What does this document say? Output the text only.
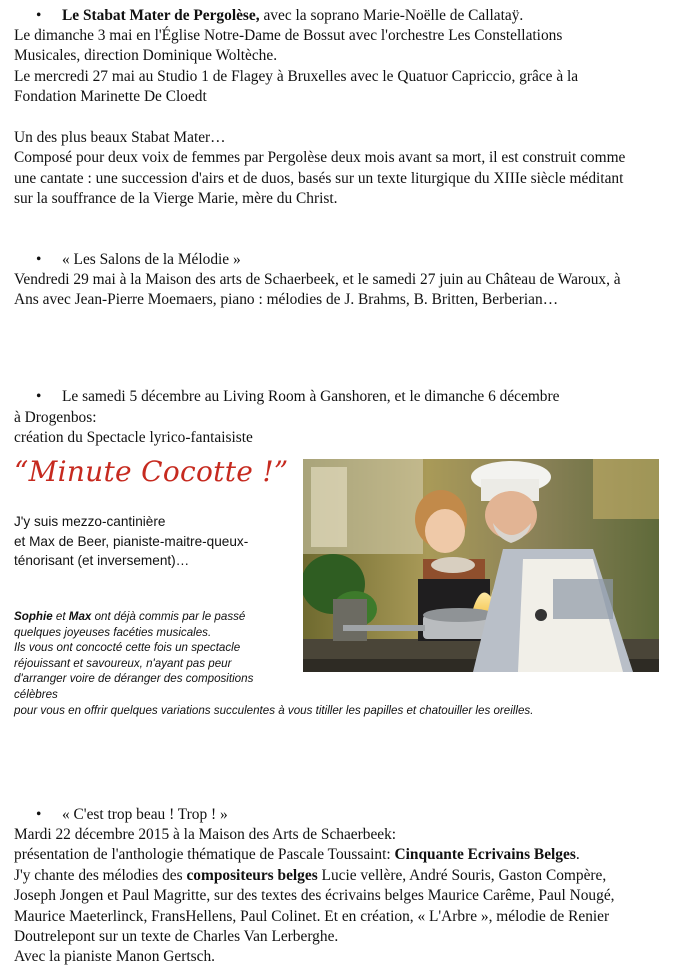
• Le Stabat Mater de Pergolèse, avec la soprano Marie-Noëlle de Callataÿ.
Le dimanche 3 mai en l'Église Notre-Dame de Bossut avec l'orchestre Les Constellations
Musicales, direction Dominique Woltèche.
Le mercredi 27 mai au Studio 1 de Flagey à Bruxelles avec le Quatuor Capriccio, grâce à la
Fondation Marinette De Cloedt
Un des plus beaux Stabat Mater…
Composé pour deux voix de femmes par Pergolèse deux mois avant sa mort, il est construit comme
une cantate : une succession d'airs et de duos, basés sur un texte liturgique du XIIIe siècle méditant
sur la souffrance de la Vierge Marie, mère du Christ.
• « Les Salons de la Mélodie »
Vendredi 29 mai à la Maison des arts de Schaerbeek, et le samedi 27 juin au Château de Waroux, à
Ans avec Jean-Pierre Moemaers, piano : mélodies de J. Brahms, B. Britten, Berberian…
• Le samedi 5 décembre au Living Room à Ganshoren, et le dimanche 6 décembre
à Drogenbos:
création du Spectacle lyrico-fantaisiste
“Minute Cocotte !”
J'y suis mezzo-cantinière
et Max de Beer, pianiste-maitre-queux-
ténorisant (et inversement)…
Sophie et Max ont déjà commis par le passé
quelques joyeuses facéties musicales.
Ils vous ont concocté cette fois un spectacle
réjouissant et savoureux, n'ayant pas peur
d'arranger voire de déranger des compositions
célèbres
pour vous en offrir quelques variations succulentes à vous titiller les papilles et chatouiller les oreilles.
• « C'est trop beau ! Trop ! »
Mardi 22 décembre 2015 à la Maison des Arts de Schaerbeek:
présentation de l'anthologie thématique de Pascale Toussaint: Cinquante Ecrivains Belges.
J'y chante des mélodies des compositeurs belges Lucie vellère, André Souris, Gaston Compère,
Joseph Jongen et Paul Magritte, sur des textes des écrivains belges Maurice Carême, Paul Nougé,
Maurice Maeterlinck, FransHellens, Paul Colinet. Et en création, « L'Arbre », mélodie de Renier
Doutrelepont sur un texte de Charles Van Lerberghe.
Avec la pianiste Manon Gertsch.
